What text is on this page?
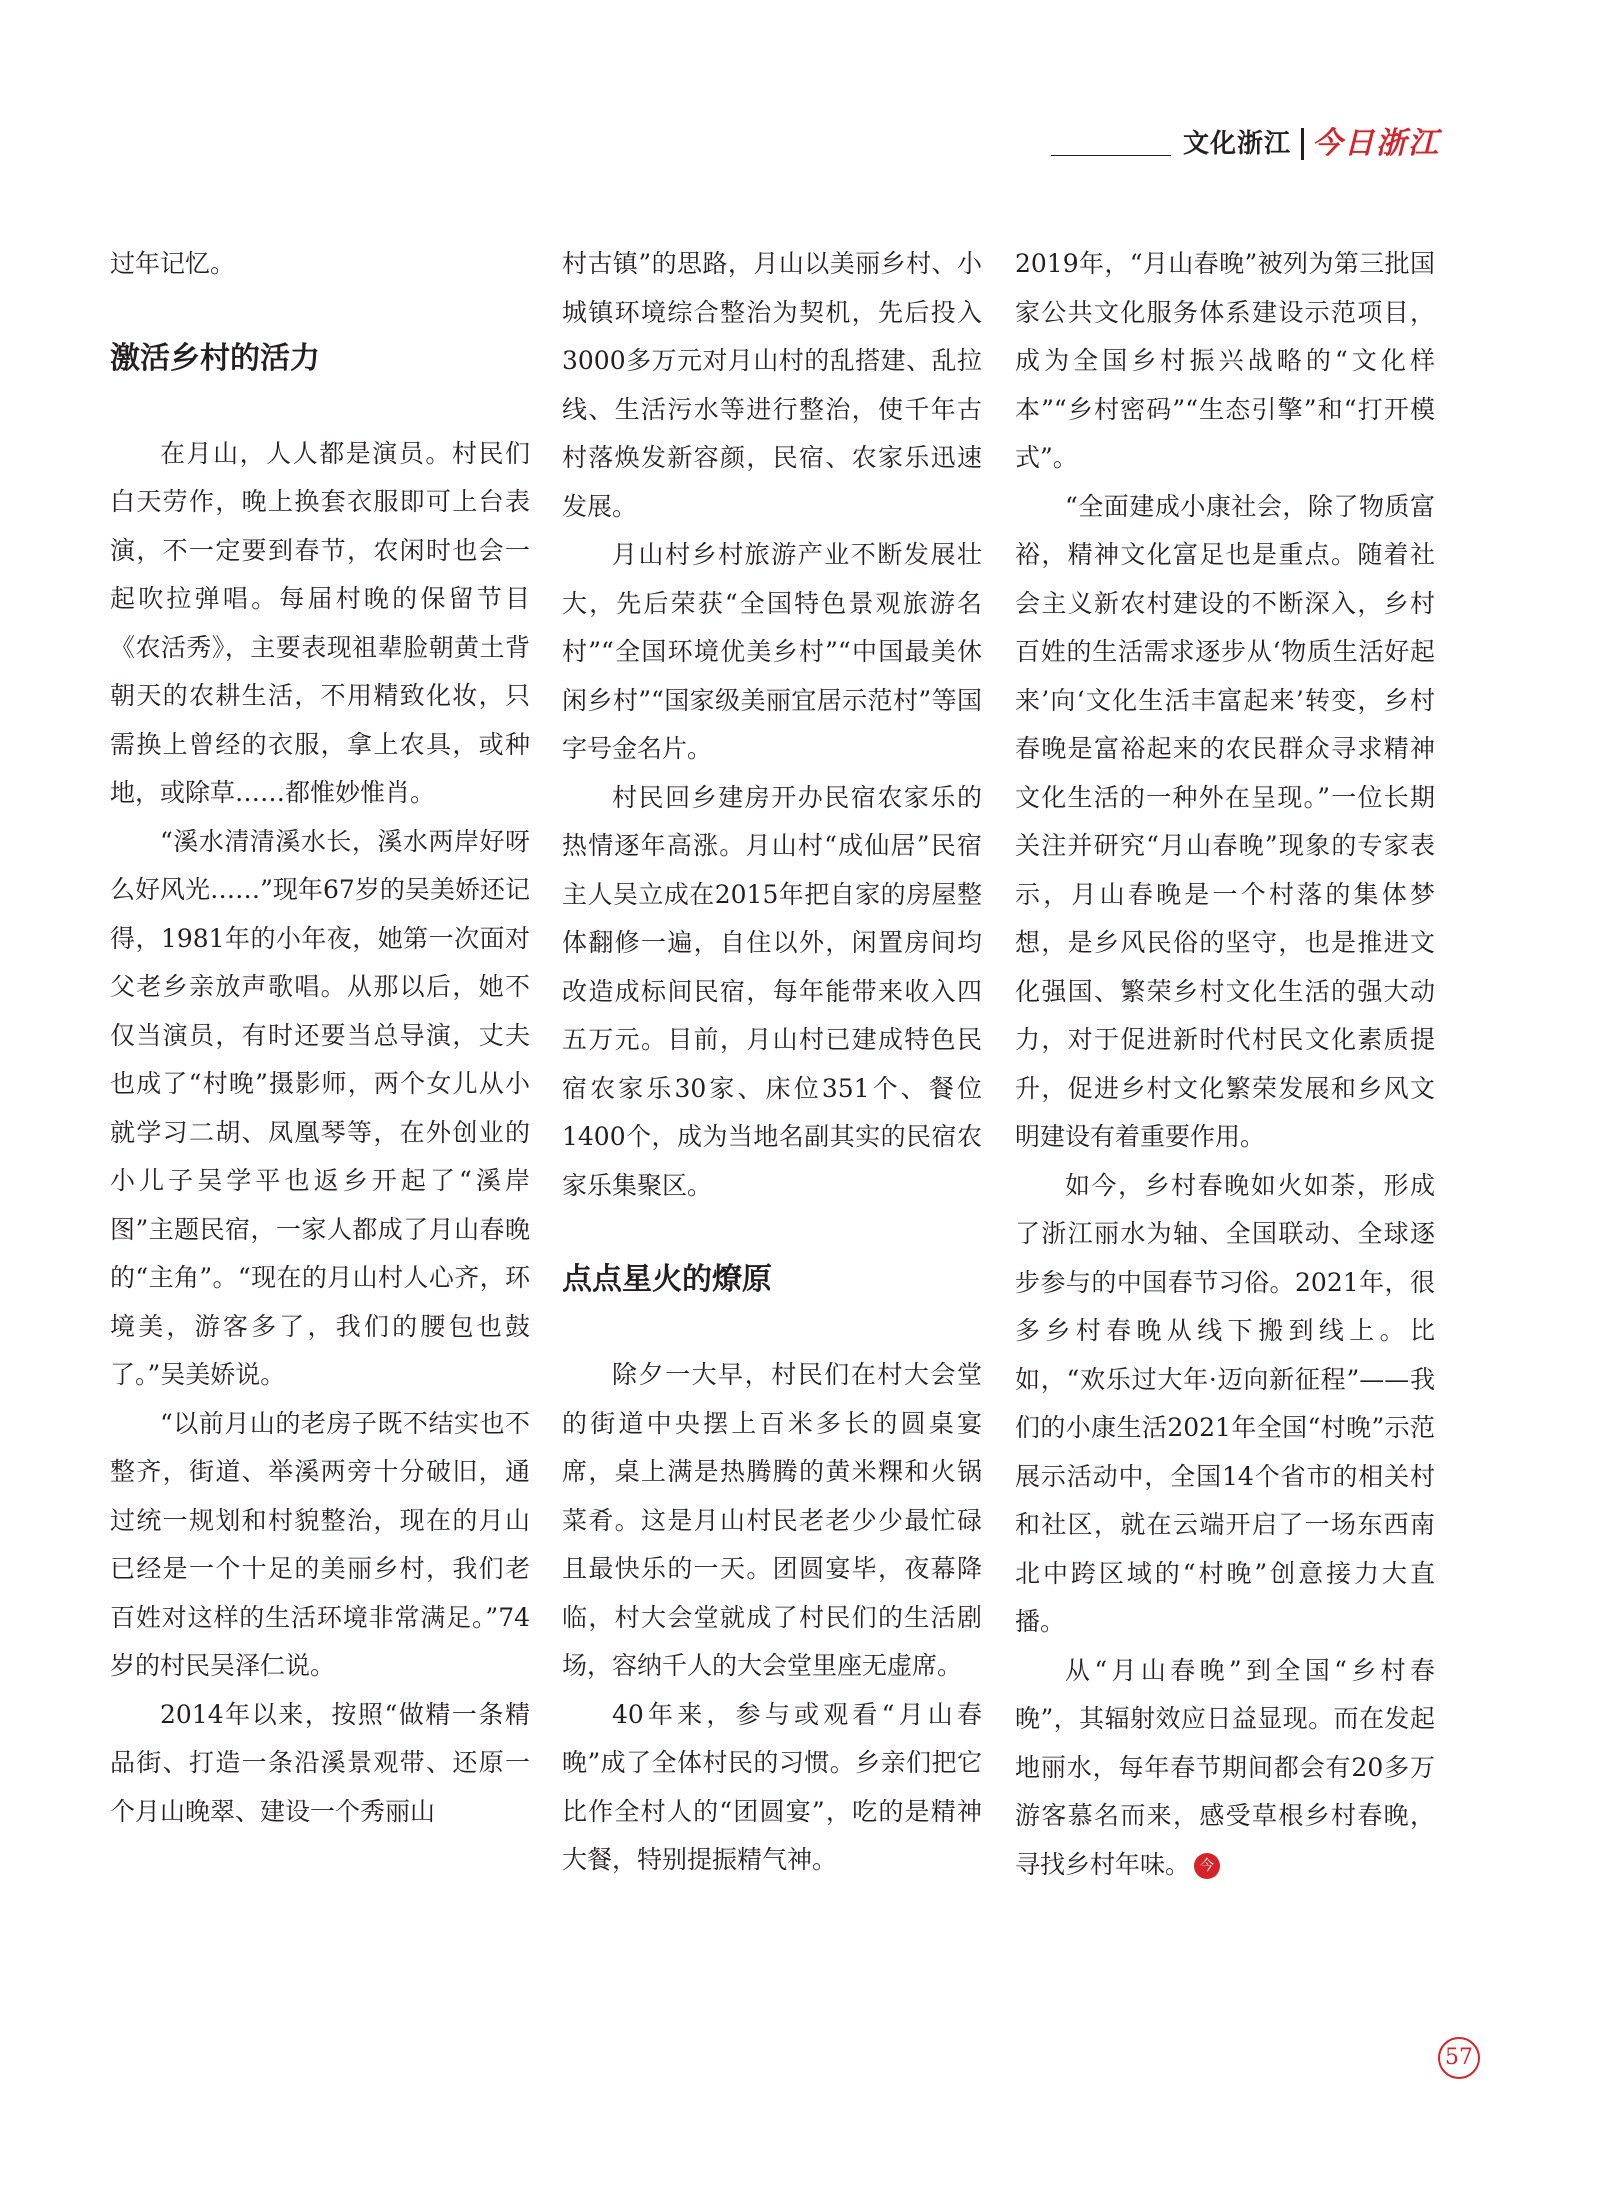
文化浙江 今日浙江

过年记忆。

激活乡村的活力

在月山，人人都是演员。村民们白天劳作，晚上换套衣服即可上台表演，不一定要到春节，农闲时也会一起吹拉弹唱。每届村晚的保留节目《农活秀》，主要表现祖辈脸朝黄土背朝天的农耕生活，不用精致化妆，只需换上曾经的衣服，拿上农具，或种地，或除草……都惟妙惟肖。

“溪水清清溪水长，溪水两岸好呀么好风光……”现年67岁的吴美娇还记得，1981年的小年夜，她第一次面对父老乡亲放声歌唱。从那以后，她不仅当演员，有时还要当总导演，丈夫也成了“村晚”摄影师，两个女儿从小就学习二胡、凤凰琴等，在外创业的小儿子吴学平也返乡开起了“溪岸图”主题民宿，一家人都成了月山春晚的“主角”。“现在的月山村人心齐，环境美，游客多了，我们的腰包也鼓了。”吴美娇说。

“以前月山的老房子既不结实也不整齐，街道、举溪两旁十分破旧，通过统一规划和村貌整治，现在的月山已经是一个十足的美丽乡村，我们老百姓对这样的生活环境非常满足。”74岁的村民吴泽仁说。

2014年以来，按照“做精一条精品街、打造一条沿溪景观带、还原一个月山晚翠、建设一个秀丽山

村古镇”的思路，月山以美丽乡村、小城镇环境综合整治为契机，先后投入3000多万元对月山村的乱搭建、乱拉线、生活污水等进行整治，使千年古村落焕发新容颜，民宿、农家乐迅速发展。

月山村乡村旅游产业不断发展壮大，先后荣获“全国特色景观旅游名村”“全国环境优美乡村”“中国最美休闲乡村”“国家级美丽宜居示范村”等国字号金名片。

村民回乡建房开办民宿农家乐的热情逐年高涨。月山村“成仙居”民宿主人吴立成在2015年把自家的房屋整体翻修一遍，自住以外，闲置房间均改造成标间民宿，每年能带来收入四五万元。目前，月山村已建成特色民宿农家乐30家、床位351个、餐位1400个，成为当地名副其实的民宿农家乐集聚区。

点点星火的燎原

除夕一大早，村民们在村大会堂的街道中央摆上百米多长的圆桌宴席，桌上满是热腾腾的黄米粿和火锅菜肴。这是月山村民老老少少最忙碌且最快乐的一天。团圆宴毕，夜幕降临，村大会堂就成了村民们的生活剧场，容纳千人的大会堂里座无虚席。

40年来，参与或观看“月山春晚”成了全体村民的习惯。乡亲们把它比作全村人的“团圆宴”，吃的是精神大餐，特别提振精气神。

2019年，“月山春晚”被列为第三批国家公共文化服务体系建设示范项目，成为全国乡村振兴战略的“文化样本”“乡村密码”“生态引擎”和“打开模式”。

“全面建成小康社会，除了物质富裕，精神文化富足也是重点。随着社会主义新农村建设的不断深入，乡村百姓的生活需求逐步从‘物质生活好起来’向‘文化生活丰富起来’转变，乡村春晚是富裕起来的农民群众寻求精神文化生活的一种外在呈现。”一位长期关注并研究“月山春晚”现象的专家表示，月山春晚是一个村落的集体梦想，是乡风民俗的坚守，也是推进文化强国、繁荣乡村文化生活的强大动力，对于促进新时代村民文化素质提升，促进乡村文化繁荣发展和乡风文明建设有着重要作用。

如今，乡村春晚如火如荼，形成了浙江丽水为轴、全国联动、全球逐步参与的中国春节习俗。2021年，很多乡村春晚从线下搬到线上。比如，“欢乐过大年·迈向新征程”——我们的小康生活2021年全国“村晚”示范展示活动中，全国14个省市的相关村和社区，就在云端开启了一场东西南北中跨区域的“村晚”创意接力大直播。

从“月山春晚”到全国“乡村春晚”，其辐射效应日益显现。而在发起地丽水，每年春节期间都会有20多万游客慕名而来，感受草根乡村春晚，寻找乡村年味。 今

57
